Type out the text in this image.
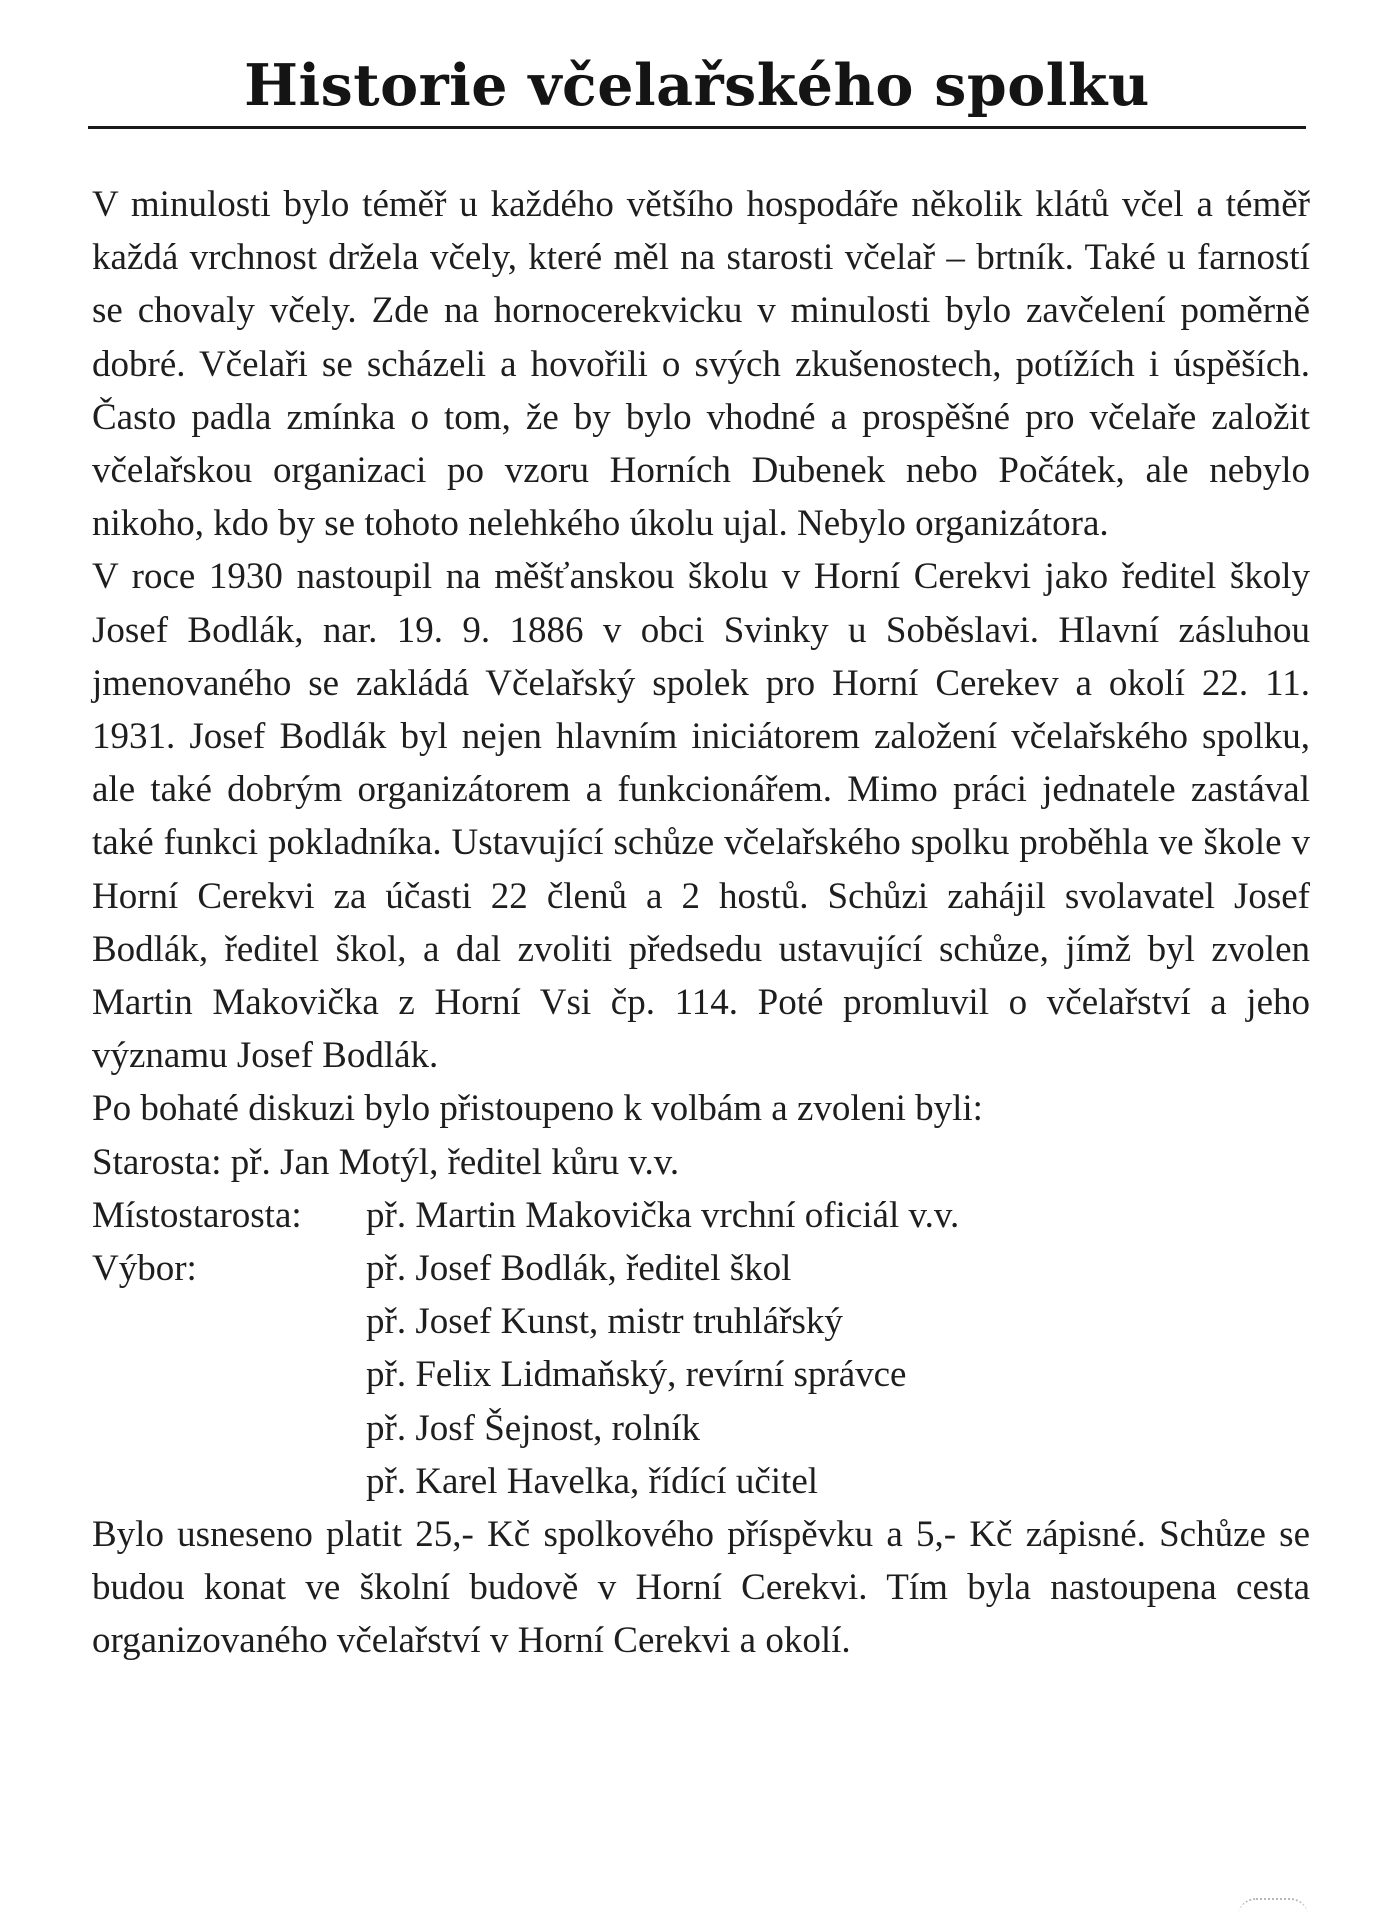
Historie včelařského spolku

V minulosti bylo téměř u každého většího hospodáře několik klátů včel a téměř každá vrchnost držela včely, které měl na starosti včelař – brtník. Také u farností se chovaly včely. Zde na hornocerekvicku v minulosti bylo zavčelení poměrně dobré. Včelaři se scházeli a hovořili o svých zkušenostech, potížích i úspěších. Často padla zmínka o tom, že by bylo vhodné a prospěšné pro včelaře založit včelařskou organizaci po vzoru Horních Dubenek nebo Počátek, ale nebylo nikoho, kdo by se tohoto nelehkého úkolu ujal. Nebylo organizátora.

V roce 1930 nastoupil na měšťanskou školu v Horní Cerekvi jako ředitel školy Josef Bodlák, nar. 19. 9. 1886 v obci Svinky u Soběslavi. Hlavní zásluhou jmenovaného se zakládá Včelařský spolek pro Horní Cerekev a okolí 22. 11. 1931. Josef Bodlák byl nejen hlavním iniciátorem založení včelařského spolku, ale také dobrým organizátorem a funkcionářem. Mimo práci jednatele zastával také funkci pokladníka. Ustavující schůze včelařského spolku proběhla ve škole v Horní Cerekvi za účasti 22 členů a 2 hostů. Schůzi zahájil svolavatel Josef Bodlák, ředitel škol, a dal zvoliti předsedu ustavující schůze, jímž byl zvolen Martin Makovička z Horní Vsi čp. 114. Poté promluvil o včelařství a jeho významu Josef Bodlák.

Po bohaté diskuzi bylo přistoupeno k volbám a zvoleni byli:

Starosta: př. Jan Motýl, ředitel kůru v.v.

Místostarosta:	př. Martin Makovička vrchní oficiál v.v.
Výbor:	př. Josef Bodlák, ředitel škol
př. Josef Kunst, mistr truhlářský
př. Felix Lidmaňský, revírní správce
př. Josf Šejnost, rolník
př. Karel Havelka, řídící učitel

Bylo usneseno platit 25,- Kč spolkového příspěvku a 5,- Kč zápisné. Schůze se budou konat ve školní budově v Horní Cerekvi. Tím byla nastoupena cesta organizovaného včelařství v Horní Cerekvi a okolí.
